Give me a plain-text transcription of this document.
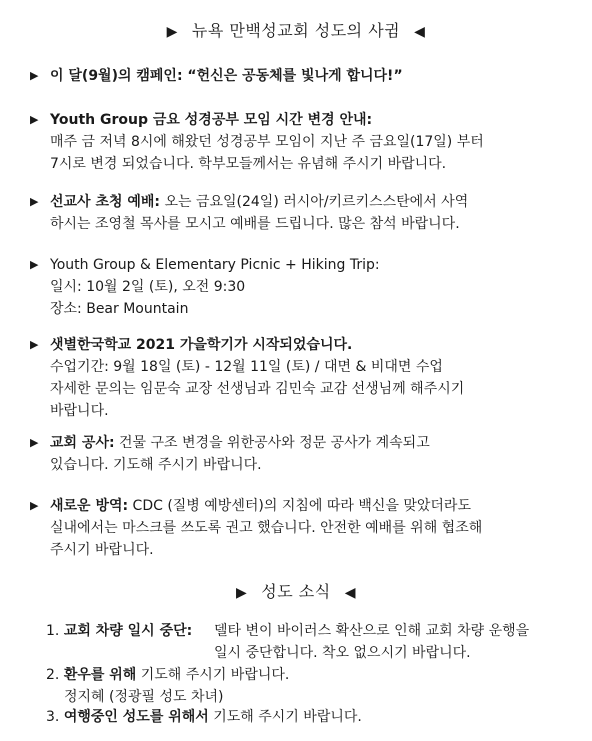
▶ 뉴욕 만백성교회 성도의 사귐 ◀
▶ 이 달(9월)의 캠페인: “헌신은 공동체를 빛나게 합니다!”
▶ Youth Group 금요 성경공부 모임 시간 변경 안내:
매주 금 저녁 8시에 해왔던 성경공부 모임이 지난 주 금요일(17일) 부터
7시로 변경 되었습니다. 학부모들께서는 유념해 주시기 바랍니다.
▶ 선교사 초청 예배: 오는 금요일(24일) 러시아/키르키스스탄에서 사역
하시는 조영철 목사를 모시고 예배를 드립니다. 많은 참석 바랍니다.
▶ Youth Group & Elementary Picnic + Hiking Trip:
일시: 10월 2일 (토), 오전 9:30
장소: Bear Mountain
▶ 샛별한국학교 2021 가을학기가 시작되었습니다.
수업기간: 9월 18일 (토) - 12월 11일 (토) / 대면 & 비대면 수업
자세한 문의는 임문숙 교장 선생님과 김민숙 교감 선생님께 해주시기
바랍니다.
▶ 교회 공사: 건물 구조 변경을 위한공사와 정문 공사가 계속되고
있습니다. 기도해 주시기 바랍니다.
▶ 새로운 방역: CDC (질병 예방센터)의 지침에 따라 백신을 맞았더라도
실내에서는 마스크를 쓰도록 권고 했습니다. 안전한 예배를 위해 협조해
주시기 바랍니다.
▶ 성도 소식 ◀
1. 교회 차량 일시 중단: 델타 변이 바이러스 확산으로 인해 교회 차량 운행을
일시 중단합니다. 착오 없으시기 바랍니다.
2. 환우를 위해 기도해 주시기 바랍니다.
정지혜 (정광필 성도 차녀)
3. 여행중인 성도를 위해서 기도해 주시기 바랍니다.
